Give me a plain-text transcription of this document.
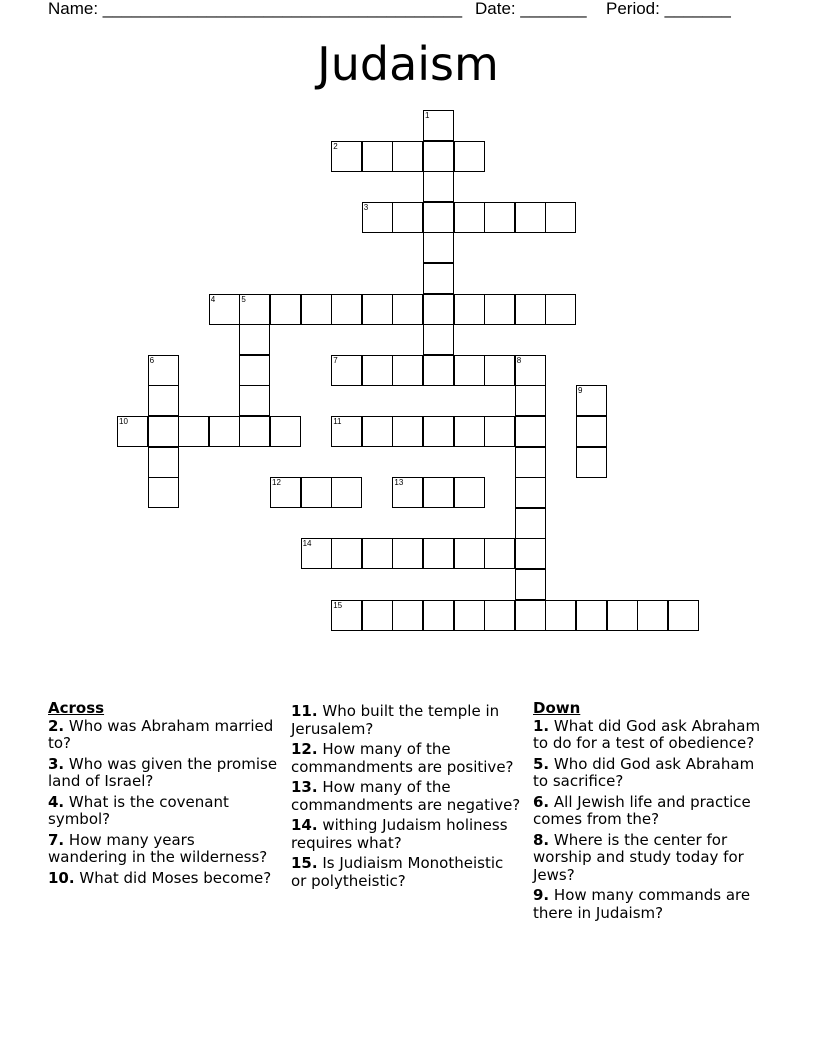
Name: ______________________________________ Date: _______ Period: _______
Judaism
1
2
3
4	5
6	7	8
9
10	11
12	13
14
15
Across
2. Who was Abraham married to?
3. Who was given the promise land of Israel?
4. What is the covenant symbol?
7. How many years wandering in the wilderness?
10. What did Moses become?
11. Who built the temple in Jerusalem?
12. How many of the commandments are positive?
13. How many of the commandments are negative?
14. withing Judaism holiness requires what?
15. Is Judiaism Monotheistic or polytheistic?
Down
1. What did God ask Abraham to do for a test of obedience?
5. Who did God ask Abraham to sacrifice?
6. All Jewish life and practice comes from the?
8. Where is the center for worship and study today for Jews?
9. How many commands are there in Judaism?
